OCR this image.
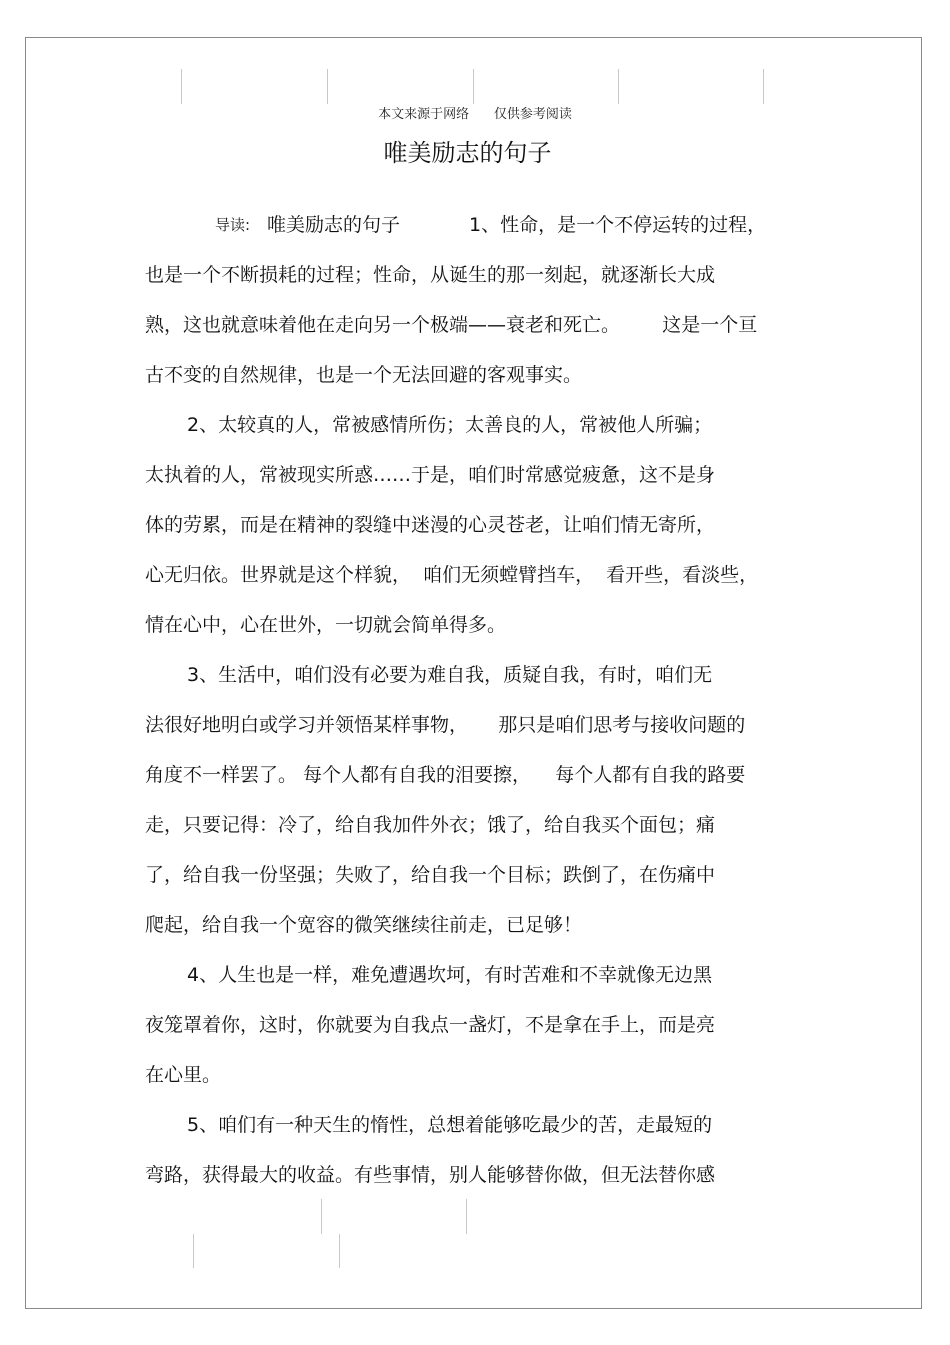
本文来源于网络      仅供参考阅读
唯美励志的句子
导读: 唯美励志的句子	1、性命，是一个不停运转的过程，
也是一个不断损耗的过程；性命，从诞生的那一刻起，就逐渐长大成
熟，这也就意味着他在走向另一个极端——衰老和死亡。       这是一个亘
古不变的自然规律，也是一个无法回避的客观事实。
2、太较真的人，常被感情所伤；太善良的人，常被他人所骗；
太执着的人，常被现实所惑……于是，咱们时常感觉疲惫，这不是身
体的劳累，而是在精神的裂缝中迷漫的心灵苍老，让咱们情无寄所，
心无归依。世界就是这个样貌，  咱们无须螳臂挡车，  看开些，看淡些，
情在心中，心在世外，一切就会简单得多。
3、生活中，咱们没有必要为难自我，质疑自我，有时，咱们无
法很好地明白或学习并领悟某样事物，     那只是咱们思考与接收问题的
角度不一样罢了。 每个人都有自我的泪要擦，    每个人都有自我的路要
走，只要记得：冷了，给自我加件外衣；饿了，给自我买个面包；痛
了，给自我一份坚强；失败了，给自我一个目标；跌倒了，在伤痛中
爬起，给自我一个宽容的微笑继续往前走，已足够！
4、人生也是一样，难免遭遇坎坷，有时苦难和不幸就像无边黑
夜笼罩着你，这时，你就要为自我点一盏灯，不是拿在手上，而是亮
在心里。
5、咱们有一种天生的惰性，总想着能够吃最少的苦，走最短的
弯路，获得最大的收益。有些事情，别人能够替你做，但无法替你感
